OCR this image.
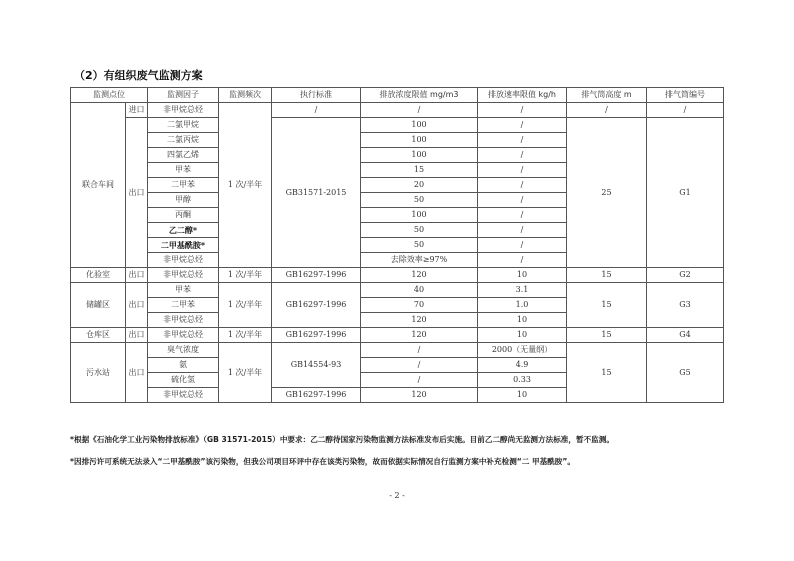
（2）有组织废气监测方案
监测点位		监测因子	监测频次	执行标准	排放浓度限值 mg/m3	排放速率限值 kg/h	排气筒高度 m	排气筒编号
联合车间	进口	非甲烷总烃	1 次/半年	/	/	/	/	/
	出口	二氯甲烷		GB31571-2015	100	/	25	G1
		二氯丙烷			100	/		
		四氯乙烯			100	/		
		甲苯			15	/		
		二甲苯			20	/		
		甲醇			50	/		
		丙酮			100	/		
		乙二醇*			50	/		
		二甲基酰胺*			50	/		
		非甲烷总烃			去除效率≥97%	/		
化验室	出口	非甲烷总烃	1 次/半年	GB16297-1996	120	10	15	G2
储罐区	出口	甲苯	1 次/半年	GB16297-1996	40	3.1	15	G3
		二甲苯			70	1.0		
		非甲烷总烃			120	10		
仓库区	出口	非甲烷总烃	1 次/半年	GB16297-1996	120	10	15	G4
污水站	出口	臭气浓度	1 次/半年	GB14554-93	/	2000（无量纲）	15	G5
		氨			/	4.9		
		硫化氢			/	0.33		
		非甲烷总烃		GB16297-1996	120	10		
*根据《石油化学工业污染物排放标准》（GB 31571-2015）中要求：乙二醇待国家污染物监测方法标准发布后实施。目前乙二醇尚无监测方法标准，暂不监测。
*因排污许可系统无法录入“二甲基酰胺”该污染物，但我公司项目环评中存在该类污染物，故而依据实际情况自行监测方案中补充检测“二 甲基酰胺”。
- 2 -
